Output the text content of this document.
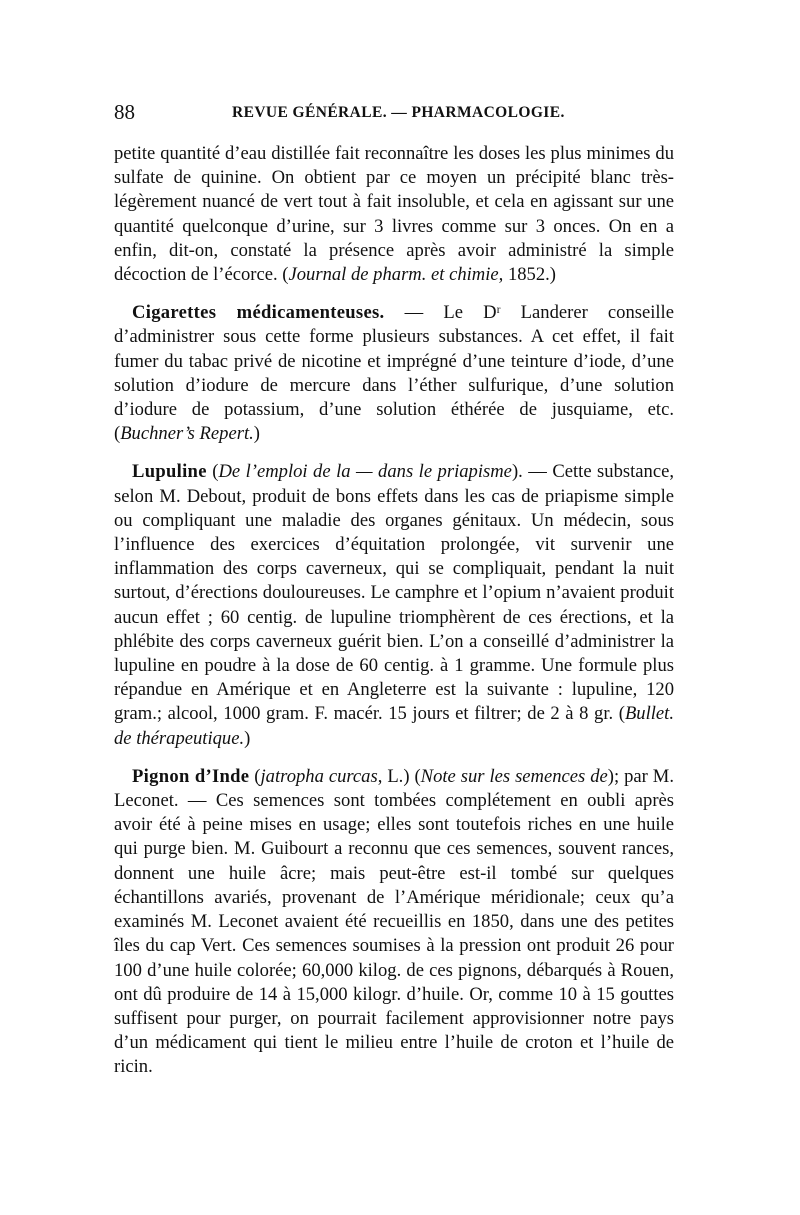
88	REVUE GÉNÉRALE. — PHARMACOLOGIE.

petite quantité d’eau distillée fait reconnaître les doses les plus minimes du sulfate de quinine. On obtient par ce moyen un précipité blanc très-légèrement nuancé de vert tout à fait insoluble, et cela en agissant sur une quantité quelconque d’urine, sur 3 livres comme sur 3 onces. On en a enfin, dit-on, constaté la présence après avoir administré la simple décoction de l’écorce. (Journal de pharm. et chimie, 1852.)

Cigarettes médicamenteuses. — Le Dʳ Landerer conseille d’administrer sous cette forme plusieurs substances. A cet effet, il fait fumer du tabac privé de nicotine et imprégné d’une teinture d’iode, d’une solution d’iodure de mercure dans l’éther sulfurique, d’une solution d’iodure de potassium, d’une solution éthérée de jusquiame, etc. (Buchner’s Repert.)

Lupuline (De l’emploi de la — dans le priapisme). — Cette substance, selon M. Debout, produit de bons effets dans les cas de priapisme simple ou compliquant une maladie des organes génitaux. Un médecin, sous l’influence des exercices d’équitation prolongée, vit survenir une inflammation des corps caverneux, qui se compliquait, pendant la nuit surtout, d’érections douloureuses. Le camphre et l’opium n’avaient produit aucun effet ; 60 centig. de lupuline triomphèrent de ces érections, et la phlébite des corps caverneux guérit bien. L’on a conseillé d’administrer la lupuline en poudre à la dose de 60 centig. à 1 gramme. Une formule plus répandue en Amérique et en Angleterre est la suivante : lupuline, 120 gram.; alcool, 1000 gram. F. macér. 15 jours et filtrer; de 2 à 8 gr. (Bullet. de thérapeutique.)

Pignon d’Inde (jatropha curcas, L.) (Note sur les semences de); par M. Leconet. — Ces semences sont tombées complétement en oubli après avoir été à peine mises en usage; elles sont toutefois riches en une huile qui purge bien. M. Guibourt a reconnu que ces semences, souvent rances, donnent une huile âcre; mais peut-être est-il tombé sur quelques échantillons avariés, provenant de l’Amérique méridionale; ceux qu’a examinés M. Leconet avaient été recueillis en 1850, dans une des petites îles du cap Vert. Ces semences soumises à la pression ont produit 26 pour 100 d’une huile colorée; 60,000 kilog. de ces pignons, débarqués à Rouen, ont dû produire de 14 à 15,000 kilogr. d’huile. Or, comme 10 à 15 gouttes suffisent pour purger, on pourrait facilement approvisionner notre pays d’un médicament qui tient le milieu entre l’huile de croton et l’huile de ricin.
